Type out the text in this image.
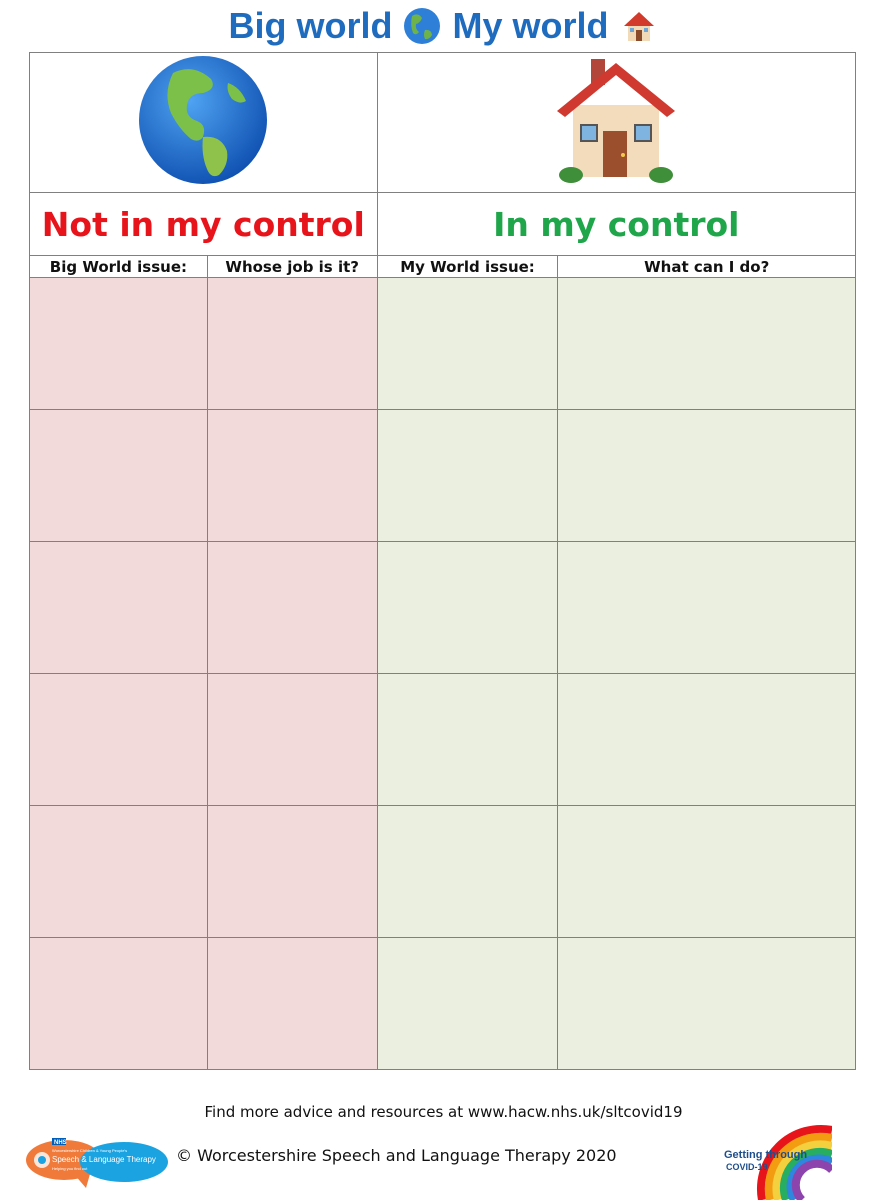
Big world My world

Not in my control		In my control	
Big World issue:	Whose job is it?	My World issue:	What can I do?

Find more advice and resources at www.hacw.nhs.uk/sltcovid19
NHS
Worcestershire Children & Young People's
Speech & Language Therapy
Helping you find out
© Worcestershire Speech and Language Therapy 2020	Getting through
COVID-19
